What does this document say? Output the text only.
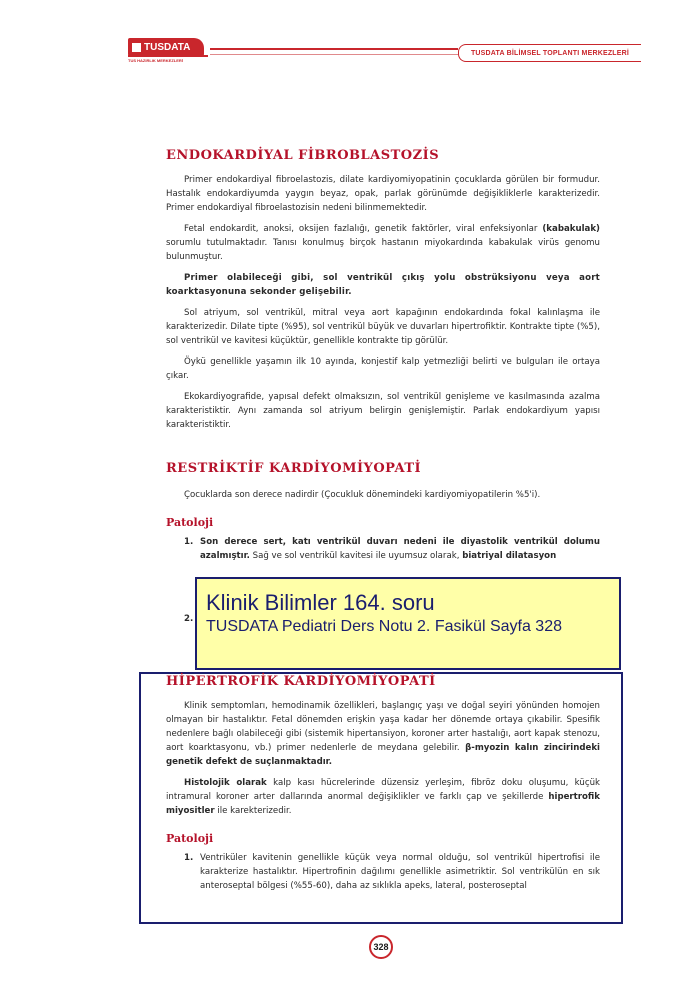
TUSDATA
TUS HAZIRLIK MERKEZLERİ
TUSDATA BİLİMSEL TOPLANTI MERKEZLERİ
ENDOKARDİYAL FİBROBLASTOZİS

Primer endokardiyal fibroelastozis, dilate kardiyomiyopatinin çocuklarda görülen bir formudur. Hastalık endokardiyumda yaygın beyaz, opak, parlak görünümde değişikliklerle karakterizedir. Primer endokardiyal fibroelastozisin nedeni bilinmemektedir.

Fetal endokardit, anoksi, oksijen fazlalığı, genetik faktörler, viral enfeksiyonlar (kabakulak) sorumlu tutulmaktadır. Tanısı konulmuş birçok hastanın miyokardında kabakulak virüs genomu bulunmuştur.

Primer olabileceği gibi, sol ventrikül çıkış yolu obstrüksiyonu veya aort koarktasyonuna sekonder gelişebilir.

Sol atriyum, sol ventrikül, mitral veya aort kapağının endokardında fokal kalınlaşma ile karakterizedir. Dilate tipte (%95), sol ventrikül büyük ve duvarları hipertrofiktir. Kontrakte tipte (%5), sol ventrikül ve kavitesi küçüktür, genellikle kontrakte tip görülür.

Öykü genellikle yaşamın ilk 10 ayında, konjestif kalp yetmezliği belirti ve bulguları ile ortaya çıkar.

Ekokardiyografide, yapısal defekt olmaksızın, sol ventrikül genişleme ve kasılmasında azalma karakteristiktir. Aynı zamanda sol atriyum belirgin genişlemiştir. Parlak endokardiyum yapısı karakteristiktir.

RESTRİKTİF KARDİYOMİYOPATİ

Çocuklarda son derece nadirdir (Çocukluk dönemindeki kardiyomiyopatilerin %5'i).

Patoloji
1. Son derece sert, katı ventrikül duvarı nedeni ile diyastolik ventrikül dolumu azalmıştır. Sağ ve sol ventrikül kavitesi ile uyumsuz olarak, biatriyal dilatasyon
2.
Klinik Bilimler 164. soru
TUSDATA Pediatri Ders Notu 2. Fasikül Sayfa 328
HİPERTROFİK KARDİYOMİYOPATİ

Klinik semptomları, hemodinamik özellikleri, başlangıç yaşı ve doğal seyiri yönünden homojen olmayan bir hastalıktır. Fetal dönemden erişkin yaşa kadar her dönemde ortaya çıkabilir. Spesifik nedenlere bağlı olabileceği gibi (sistemik hipertansiyon, koroner arter hastalığı, aort kapak stenozu, aort koarktasyonu, vb.) primer nedenlerle de meydana gelebilir. β-myozin kalın zincirindeki genetik defekt de suçlanmaktadır.

Histolojik olarak kalp kası hücrelerinde düzensiz yerleşim, fibröz doku oluşumu, küçük intramural koroner arter dallarında anormal değişiklikler ve farklı çap ve şekillerde hipertrofik miyositler ile karekterizedir.

Patoloji
1. Ventriküler kavitenin genellikle küçük veya normal olduğu, sol ventrikül hipertrofisi ile karakterize hastalıktır. Hipertrofinin dağılımı genellikle asimetriktir. Sol ventrikülün en sık anteroseptal bölgesi (%55-60), daha az sıklıkla apeks, lateral, posteroseptal
328
